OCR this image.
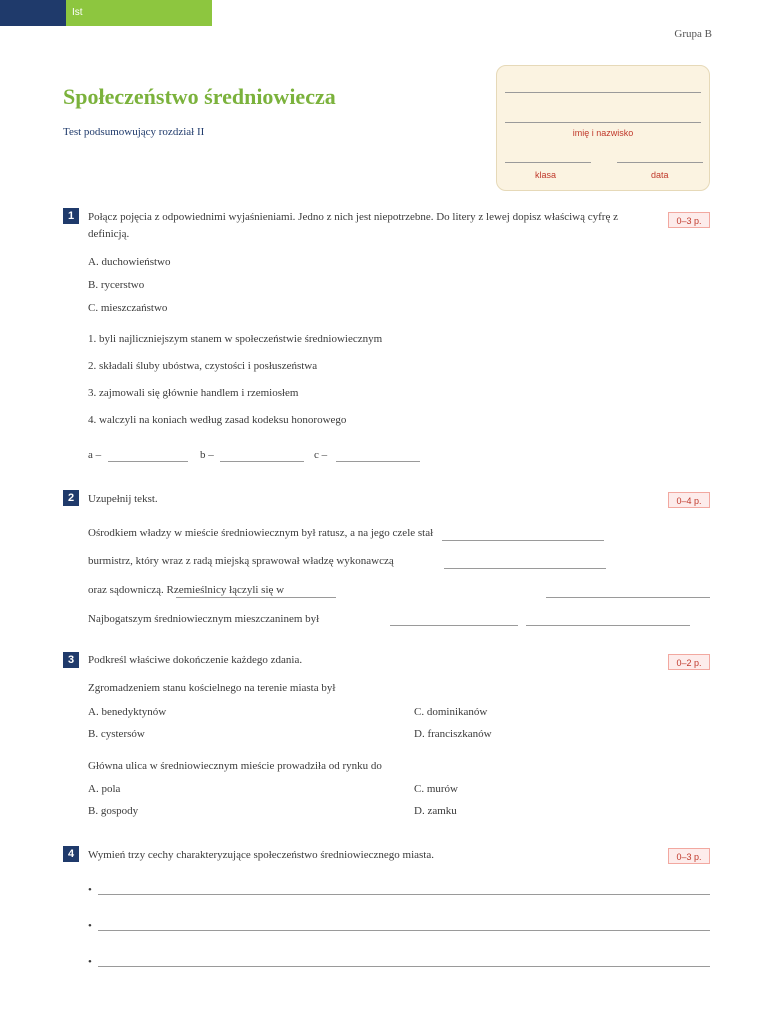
Ist
Grupa B
Społeczeństwo średniowiecza
Test podsumowujący rozdział II	imię i nazwisko
klasa	data
1	0–3 p.
Połącz pojęcia z odpowiednimi wyjaśnieniami. Jedno z nich jest niepotrzebne. Do litery z lewej dopisz właściwą cyfrę z definicją.
A. duchowieństwo
B. rycerstwo
C. mieszczaństwo
1. byli najliczniejszym stanem w społeczeństwie średniowiecznym
2. składali śluby ubóstwa, czystości i posłuszeństwa
3. zajmowali się głównie handlem i rzemiosłem
4. walczyli na koniach według zasad kodeksu honorowego
a –	b –	c –
2	0–4 p.
Uzupełnij tekst.
Ośrodkiem władzy w mieście średniowiecznym był ratusz, a na jego czele stał
burmistrz, który wraz z radą miejską sprawował władzę wykonawczą
oraz sądowniczą. Rzemieślnicy łączyli się w
Najbogatszym średniowiecznym mieszczaninem był
3	0–2 p.
Podkreśl właściwe dokończenie każdego zdania.
Zgromadzeniem stanu kościelnego na terenie miasta był
A. benedyktynów
B. cystersów
C. dominikanów
D. franciszkanów
Główna ulica w średniowiecznym mieście prowadziła od rynku do
A. pola
B. gospody
C. murów
D. zamku
4	0–3 p.
Wymień trzy cechy charakteryzujące społeczeństwo średniowiecznego miasta.
•
•
•
